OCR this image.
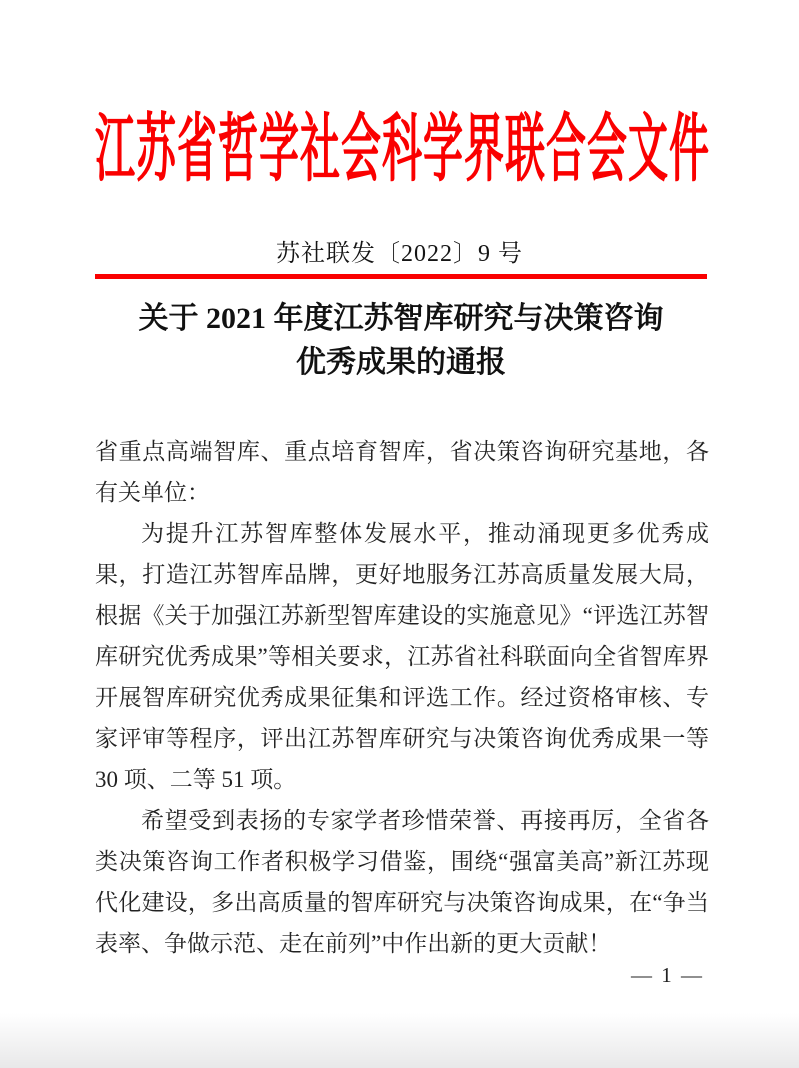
江苏省哲学社会科学界联合会文件
苏社联发〔2022〕9 号
关于 2021 年度江苏智库研究与决策咨询
优秀成果的通报

省重点高端智库、重点培育智库，省决策咨询研究基地，各有关单位：

为提升江苏智库整体发展水平，推动涌现更多优秀成果，打造江苏智库品牌，更好地服务江苏高质量发展大局，根据《关于加强江苏新型智库建设的实施意见》“评选江苏智库研究优秀成果”等相关要求，江苏省社科联面向全省智库界开展智库研究优秀成果征集和评选工作。经过资格审核、专家评审等程序，评出江苏智库研究与决策咨询优秀成果一等 30 项、二等 51 项。

希望受到表扬的专家学者珍惜荣誉、再接再厉，全省各类决策咨询工作者积极学习借鉴，围绕“强富美高”新江苏现代化建设，多出高质量的智库研究与决策咨询成果，在“争当表率、争做示范、走在前列”中作出新的更大贡献！

— 1 —
